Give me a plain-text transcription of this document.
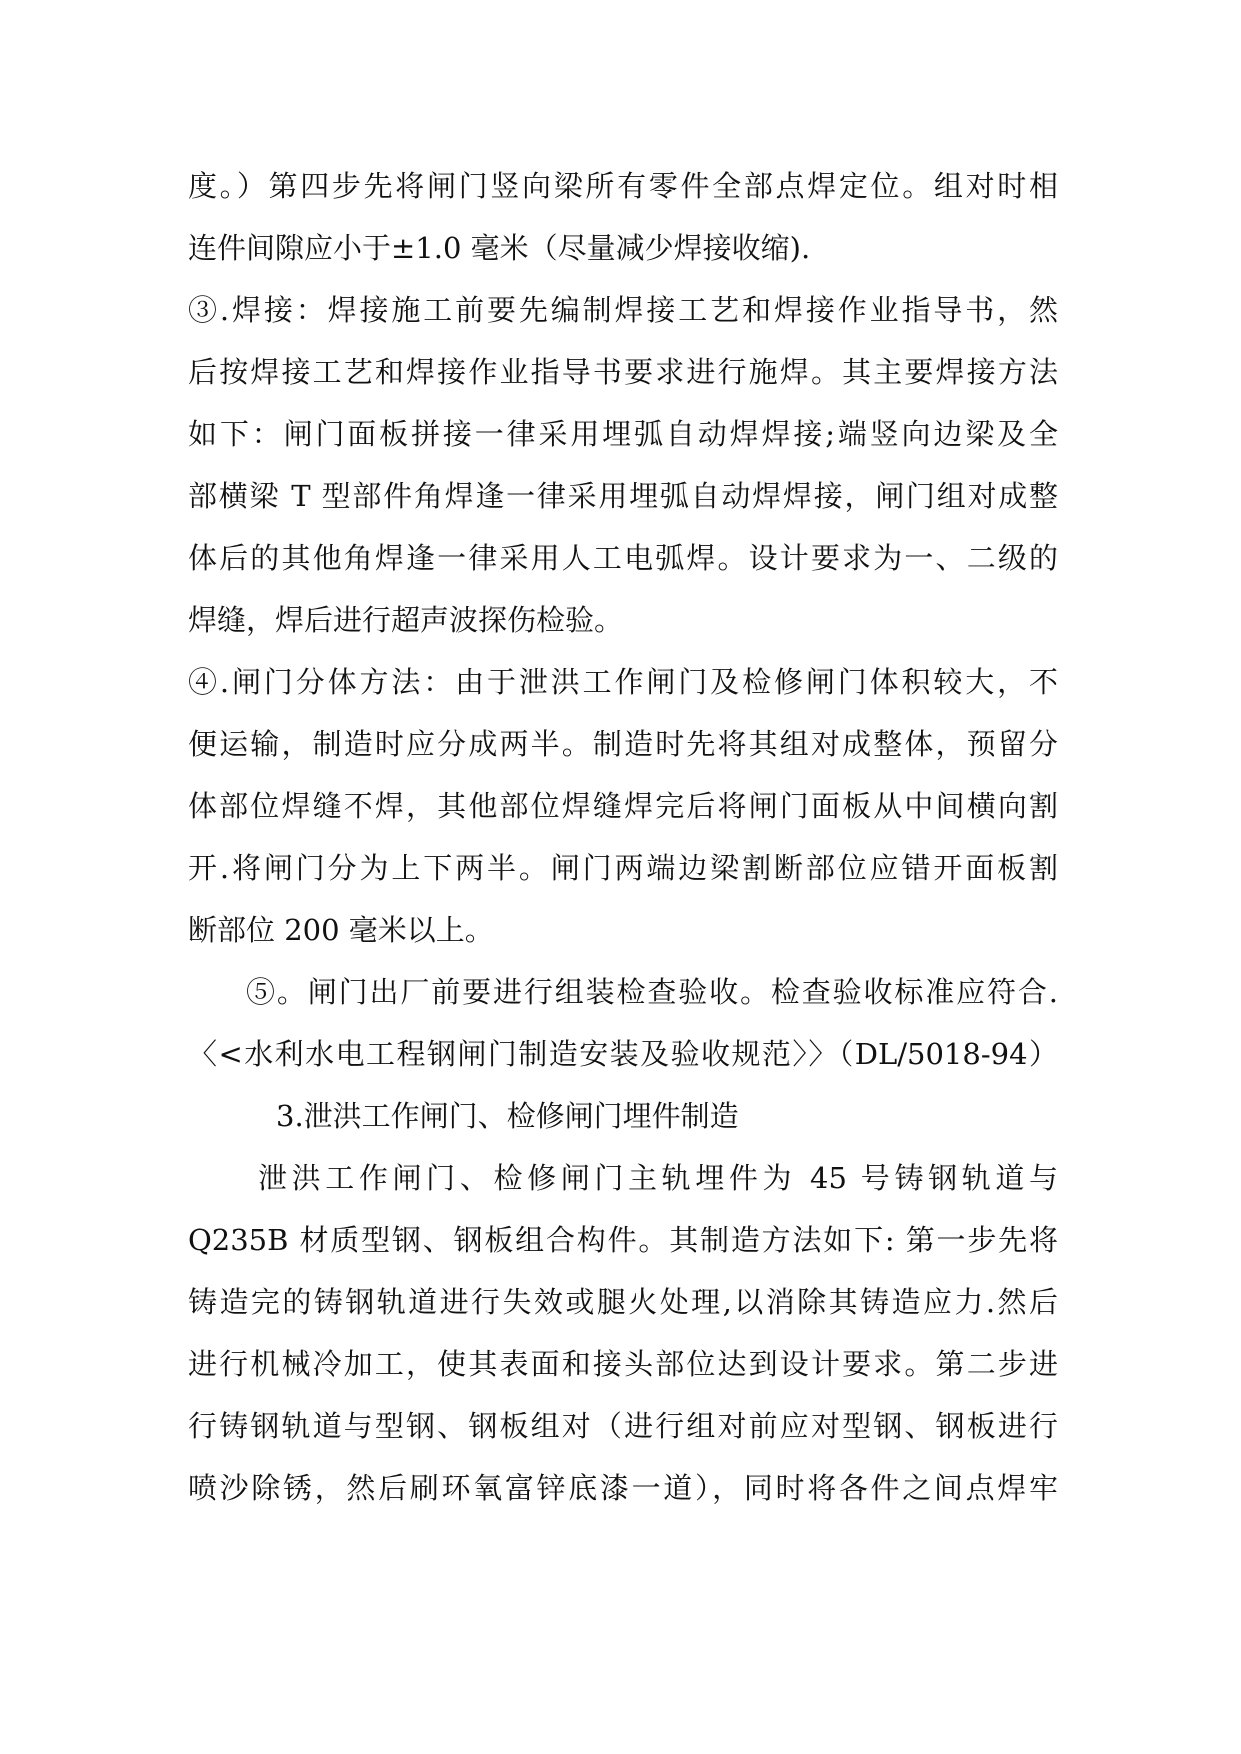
度。）第四步先将闸门竖向梁所有零件全部点焊定位。组对时相
连件间隙应小于±1.0 毫米（尽量减少焊接收缩).
③.焊接：焊接施工前要先编制焊接工艺和焊接作业指导书，然
后按焊接工艺和焊接作业指导书要求进行施焊。其主要焊接方法
如下：闸门面板拼接一律采用埋弧自动焊焊接;端竖向边梁及全
部横梁 T 型部件角焊逢一律采用埋弧自动焊焊接，闸门组对成整
体后的其他角焊逢一律采用人工电弧焊。设计要求为一、二级的
焊缝，焊后进行超声波探伤检验。
④.闸门分体方法：由于泄洪工作闸门及检修闸门体积较大，不
便运输，制造时应分成两半。制造时先将其组对成整体，预留分
体部位焊缝不焊，其他部位焊缝焊完后将闸门面板从中间横向割
开.将闸门分为上下两半。闸门两端边梁割断部位应错开面板割
断部位 200 毫米以上。
⑤。闸门出厂前要进行组装检查验收。检查验收标准应符合.
〈<水利水电工程钢闸门制造安装及验收规范〉〉（DL/5018-94）
3.泄洪工作闸门、检修闸门埋件制造
泄洪工作闸门、检修闸门主轨埋件为 45 号铸钢轨道与
Q235B 材质型钢、钢板组合构件。其制造方法如下: 第一步先将
铸造完的铸钢轨道进行失效或腿火处理,以消除其铸造应力.然后
进行机械冷加工，使其表面和接头部位达到设计要求。第二步进
行铸钢轨道与型钢、钢板组对（进行组对前应对型钢、钢板进行
喷沙除锈，然后刷环氧富锌底漆一道），同时将各件之间点焊牢
